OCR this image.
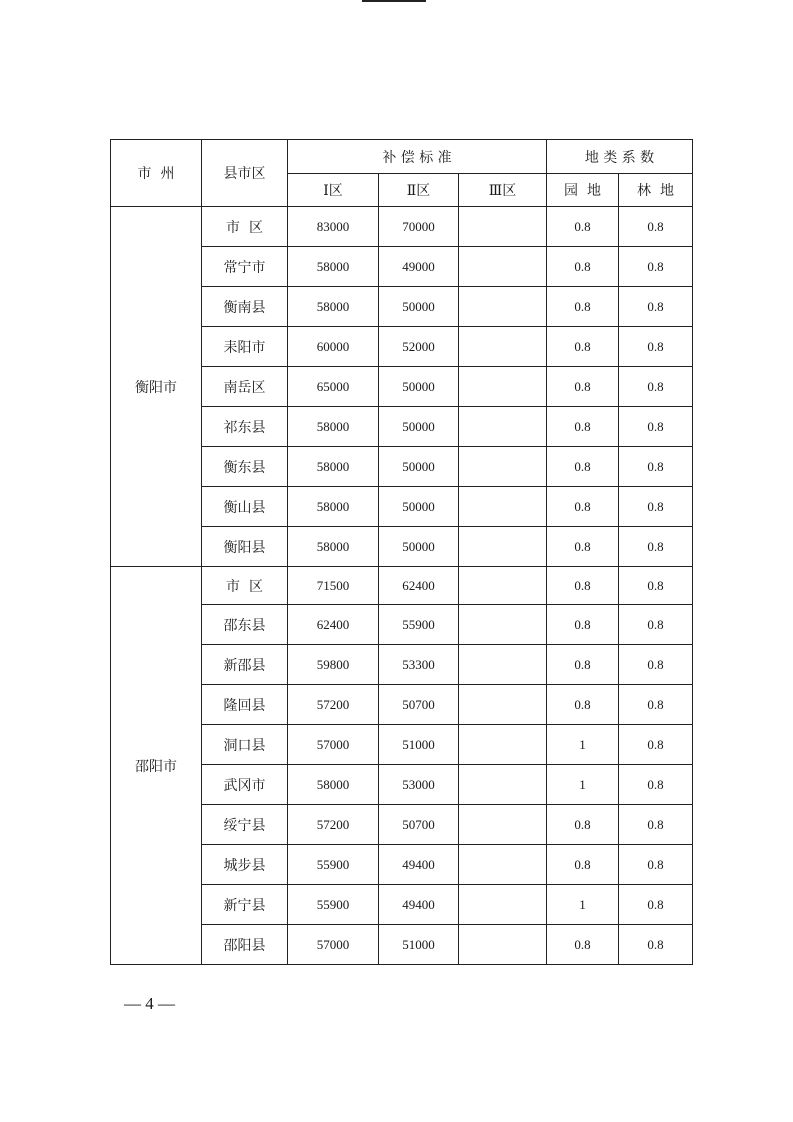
市  州	县市区	补 偿 标 准			地 类 系 数	
		Ⅰ区	Ⅱ区	Ⅲ区	园  地	林  地
衡阳市	市  区	83000	70000		0.8	0.8
	常宁市	58000	49000		0.8	0.8
	衡南县	58000	50000		0.8	0.8
	耒阳市	60000	52000		0.8	0.8
	南岳区	65000	50000		0.8	0.8
	祁东县	58000	50000		0.8	0.8
	衡东县	58000	50000		0.8	0.8
	衡山县	58000	50000		0.8	0.8
	衡阳县	58000	50000		0.8	0.8
邵阳市	市  区	71500	62400		0.8	0.8
	邵东县	62400	55900		0.8	0.8
	新邵县	59800	53300		0.8	0.8
	隆回县	57200	50700		0.8	0.8
	洞口县	57000	51000		1	0.8
	武冈市	58000	53000		1	0.8
	绥宁县	57200	50700		0.8	0.8
	城步县	55900	49400		0.8	0.8
	新宁县	55900	49400		1	0.8
	邵阳县	57000	51000		0.8	0.8
— 4 —
